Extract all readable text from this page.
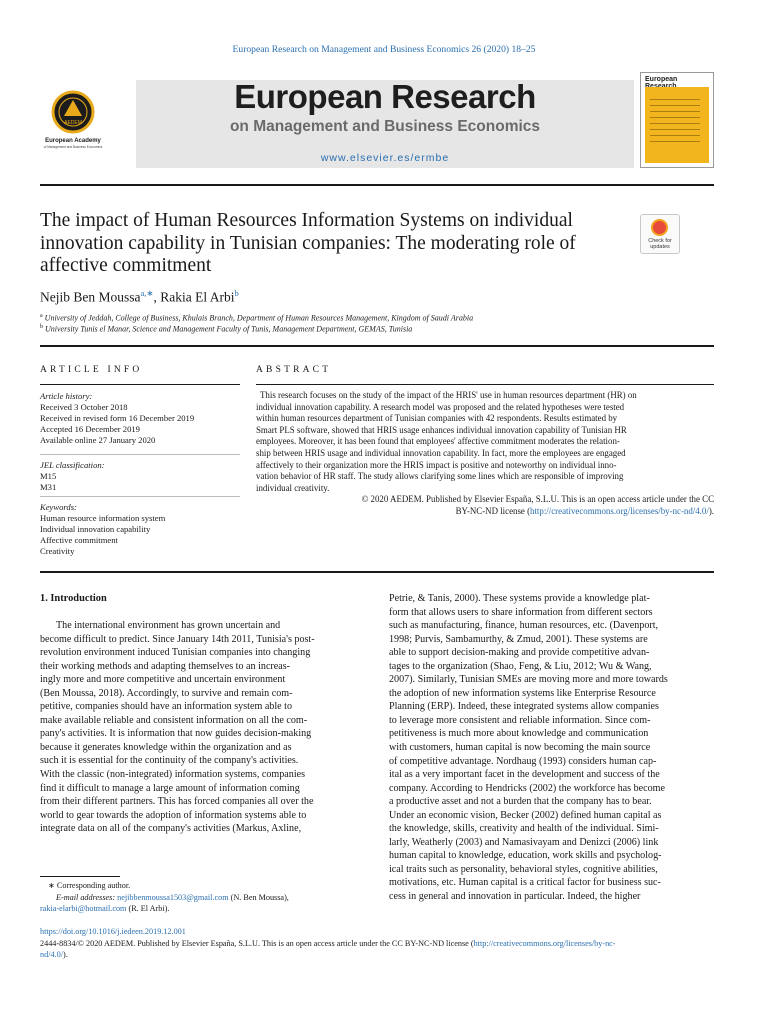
European Research on Management and Business Economics 26 (2020) 18–25
AEDEM
European Academy
of Management and Business Economics
European Research
on Management and Business Economics
www.elsevier.es/ermbe
European
The impact of Human Resources Information Systems on individual
innovation capability in Tunisian companies: The moderating role of
affective commitment
Check for updates
Nejib Ben Moussa$^{a,∗}$, Rakia El Arbi$^b$
$^a$ University of Jeddah, College of Business, Khulais Branch, Department of Human Resources Management, Kingdom of Saudi Arabia
$^b$ University Tunis el Manar, Science and Management Faculty of Tunis, Management Department, GEMAS, Tunisia
ARTICLE INFO	ABSTRACT
Article history:
Received 3 October 2018
Received in revised form 16 December 2019
Accepted 16 December 2019
Available online 27 January 2020
JEL classification:
M15
M31
Keywords:
Human resource information system
Individual innovation capability
Affective commitment
Creativity
This research focuses on the study of the impact of the HRIS' use in human resources department (HR) on
individual innovation capability. A research model was proposed and the related hypotheses were tested
within human resources department of Tunisian companies with 42 respondents. Results estimated by
Smart PLS software, showed that HRIS usage enhances individual innovation capability of Tunisian HR
employees. Moreover, it has been found that employees' affective commitment moderates the relation-
ship between HRIS usage and individual innovation capability. In fact, more the employees are engaged
affectively to their organization more the HRIS impact is positive and noteworthy on individual inno-
vation behavior of HR staff. The study allows clarifying some lines which are responsible of improving
individual creativity.
© 2020 AEDEM. Published by Elsevier España, S.L.U. This is an open access article under the CC
BY-NC-ND license (http://creativecommons.org/licenses/by-nc-nd/4.0/).
1. Introduction

The international environment has grown uncertain and

become difficult to predict. Since January 14th 2011, Tunisia's post-

revolution environment induced Tunisian companies into changing

their working methods and adapting themselves to an increas-

ingly more and more competitive and uncertain environment

(Ben Moussa, 2018). Accordingly, to survive and remain com-

petitive, companies should have an information system able to

make available reliable and consistent information on all the com-

pany's activities. It is information that now guides decision-making

because it generates knowledge within the organization and as

such it is essential for the continuity of the company's activities.

With the classic (non-integrated) information systems, companies

find it difficult to manage a large amount of information coming

from their different partners. This has forced companies all over the

world to gear towards the adoption of information systems able to

integrate data on all of the company's activities (Markus, Axline,

Petrie, & Tanis, 2000). These systems provide a knowledge plat-

form that allows users to share information from different sectors

such as manufacturing, finance, human resources, etc. (Davenport,

1998; Purvis, Sambamurthy, & Zmud, 2001). These systems are

able to support decision-making and provide competitive advan-

tages to the organization (Shao, Feng, & Liu, 2012; Wu & Wang,

2007). Similarly, Tunisian SMEs are moving more and more towards

the adoption of new information systems like Enterprise Resource

Planning (ERP). Indeed, these integrated systems allow companies

to leverage more consistent and reliable information. Since com-

petitiveness is much more about knowledge and communication

with customers, human capital is now becoming the main source

of competitive advantage. Nordhaug (1993) considers human cap-

ital as a very important facet in the development and success of the

company. According to Hendricks (2002) the workforce has become

a productive asset and not a burden that the company has to bear.

Under an economic vision, Becker (2002) defined human capital as

the knowledge, skills, creativity and health of the individual. Simi-

larly, Weatherly (2003) and Namasivayam and Denizci (2006) link

human capital to knowledge, education, work skills and psycholog-

ical traits such as personality, behavioral styles, cognitive abilities,

motivations, etc. Human capital is a critical factor for business suc-

cess in general and innovation in particular. Indeed, the higher

∗ Corresponding author.
E-mail addresses: nejibbenmoussa1503@gmail.com (N. Ben Moussa),
rakia-elarbi@hotmail.com (R. El Arbi).
https://doi.org/10.1016/j.iedeen.2019.12.001
2444-8834/© 2020 AEDEM. Published by Elsevier España, S.L.U. This is an open access article under the CC BY-NC-ND license (http://creativecommons.org/licenses/by-nc-
nd/4.0/).
